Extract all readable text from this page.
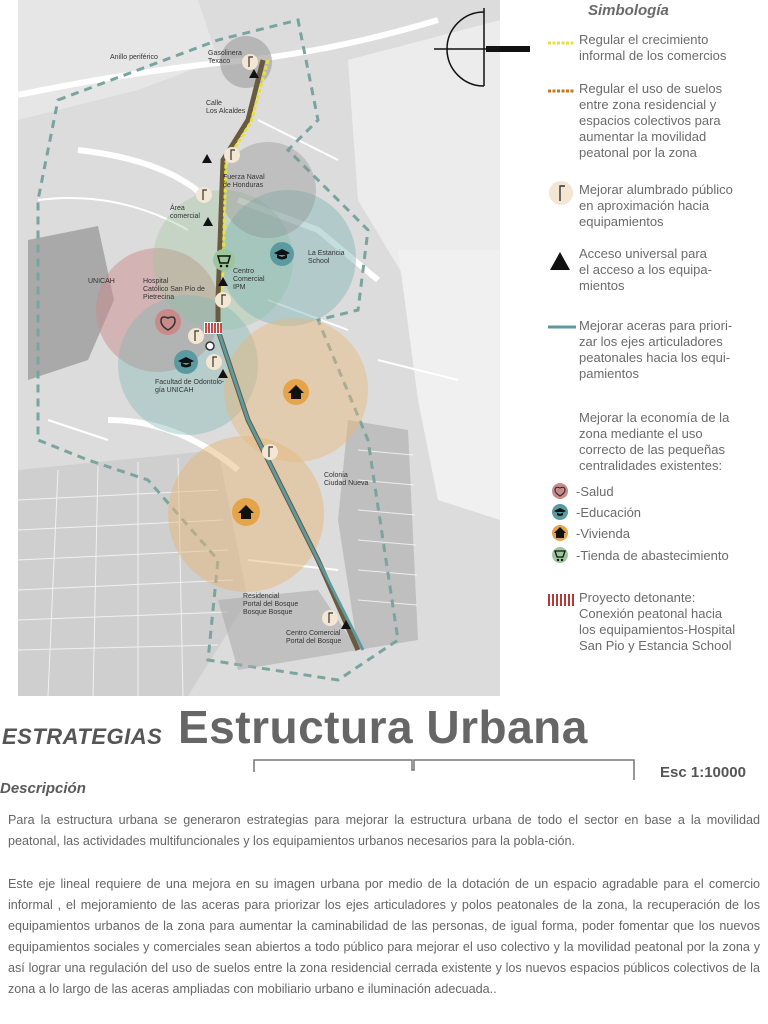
Anillo periférico
Gasolinera
Texaco
Calle
Los Alcaldes
Fuerza Naval
de Honduras
Área
comercial
La Estancia
School
Centro
Comercial
IPM
UNICAH	Hospital
Católico San Pío de
Pietrecina
Facultad de Odontolo-
gía UNICAH
Colonia
Ciudad Nueva
Residencial
Portal del Bosque
Bosque Bosque
Centro Comercial
Portal del Bosque
Simbología
Regular el crecimiento
informal de los comercios
Regular el uso de suelos
entre zona residencial y
espacios colectivos para
aumentar la movilidad
peatonal por la zona
Mejorar alumbrado público
en aproximación hacia
equipamientos
Acceso universal para
el acceso a los equipa-
mientos
Mejorar aceras para priori-
zar los ejes articuladores
peatonales hacia los equi-
pamientos
Mejorar la economía de la
zona mediante el uso
correcto de las pequeñas
centralidades existentes:
-Salud
-Educación
-Vivienda
-Tienda de abastecimiento
Proyecto detonante:
Conexión peatonal hacia
los equipamientos-Hospital
San Pio y Estancia School
ESTRATEGIAS Estructura Urbana
Esc 1:10000
Descripción
Para la estructura urbana se generaron estrategias para mejorar la estructura urbana de todo el sector en base a la movilidad peatonal, las actividades multifuncionales y los equipamientos urbanos necesarios para la pobla-ción.
Este eje lineal requiere de una mejora en su imagen urbana por medio de la dotación de un espacio agradable para el comercio informal , el mejoramiento de las aceras para priorizar los ejes articuladores y polos peatonales de la zona, la recuperación de los equipamientos urbanos de la zona para aumentar la caminabilidad de las personas, de igual forma, poder fomentar que los nuevos equipamientos sociales y comerciales sean abiertos a todo público para mejorar el uso colectivo y la movilidad peatonal por la zona y así lograr una regulación del uso de suelos entre la zona residencial cerrada existente y los nuevos espacios públicos colectivos de la zona a lo largo de las aceras ampliadas con mobiliario urbano e iluminación adecuada..
